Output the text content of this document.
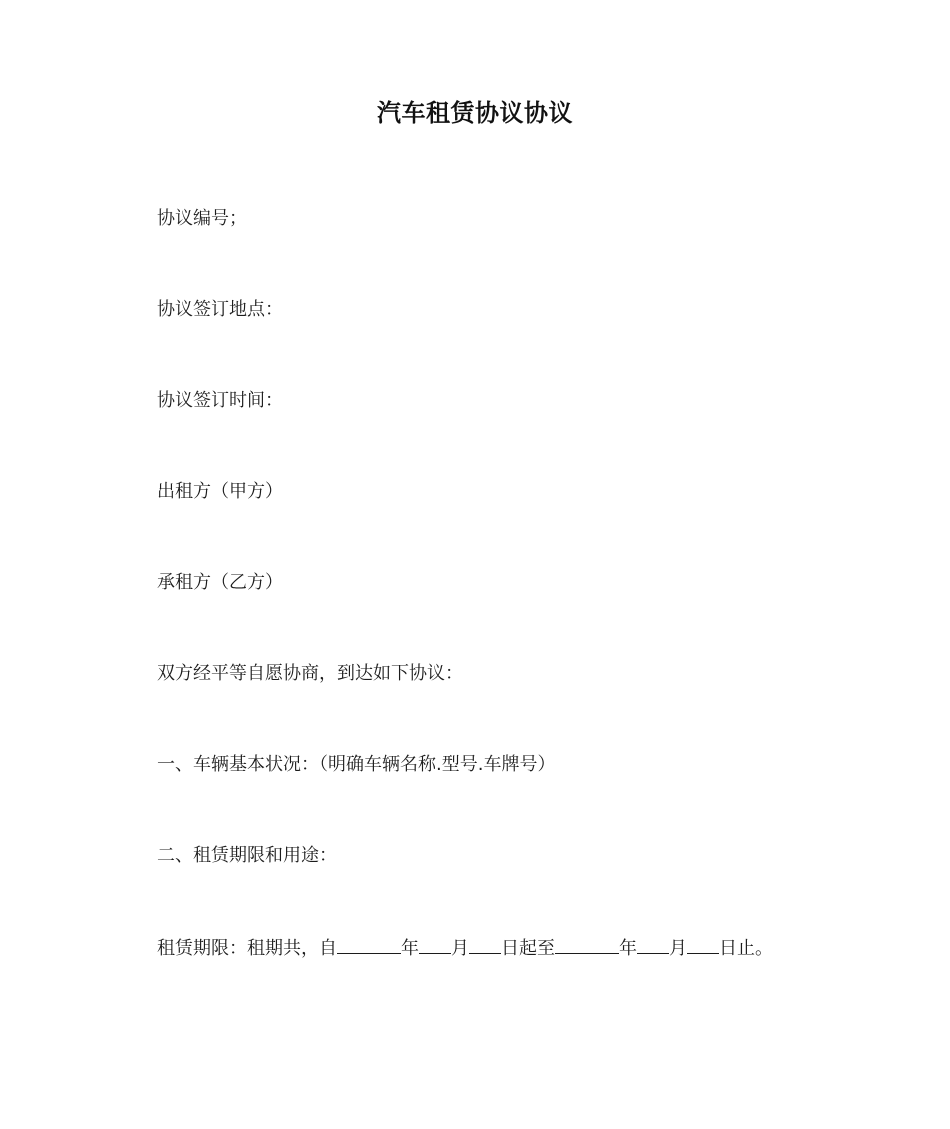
汽车租赁协议协议
协议编号；
协议签订地点：
协议签订时间：
出租方（甲方）
承租方（乙方）
双方经平等自愿协商，到达如下协议：
一、车辆基本状况：（明确车辆名称.型号.车牌号）
二、租赁期限和用途：
租赁期限：租期共，自	年 月 日起至	年 月 日止。
